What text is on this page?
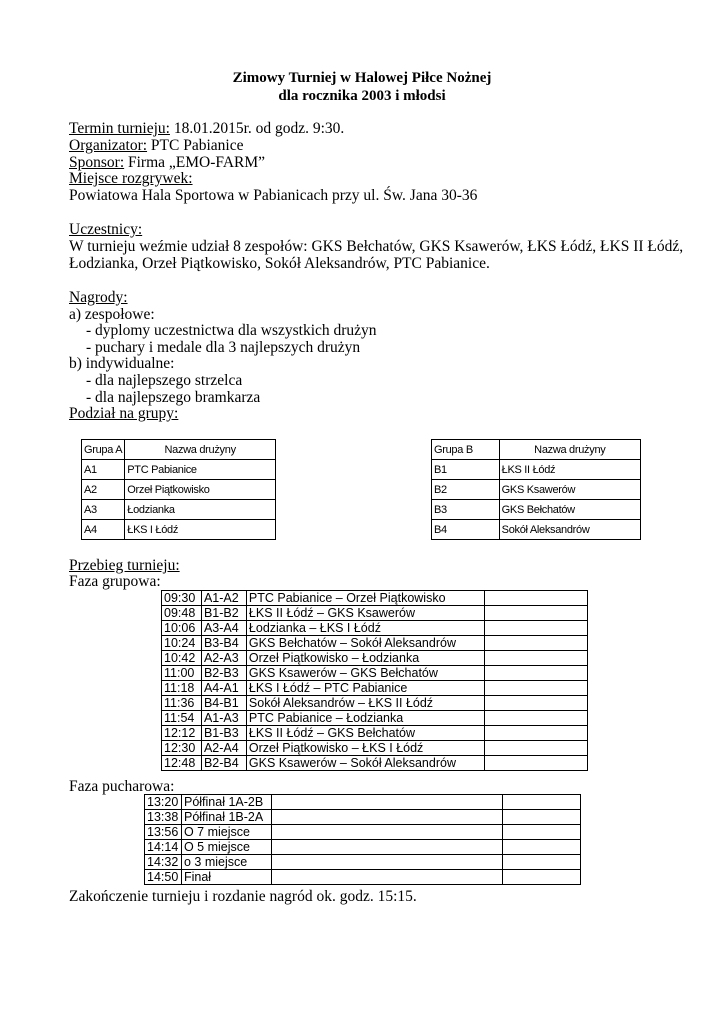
Zimowy Turniej w Halowej Piłce Nożnej
dla rocznika 2003 i młodsi
Termin turnieju: 18.01.2015r. od godz. 9:30.
Organizator: PTC Pabianice
Sponsor: Firma „EMO-FARM”
Miejsce rozgrywek:
Powiatowa Hala Sportowa w Pabianicach przy ul. Św. Jana 30-36
Uczestnicy:
W turnieju weźmie udział 8 zespołów: GKS Bełchatów, GKS Ksawerów, ŁKS Łódź, ŁKS II Łódź,
Łodzianka, Orzeł Piątkowisko, Sokół Aleksandrów, PTC Pabianice.
Nagrody:
a) zespołowe:
- dyplomy uczestnictwa dla wszystkich drużyn
- puchary i medale dla 3 najlepszych drużyn
b) indywidualne:
- dla najlepszego strzelca
- dla najlepszego bramkarza
Podział na grupy:
Grupa A	Nazwa drużyny
A1	PTC Pabianice
A2	Orzeł Piątkowisko
A3	Łodzianka
A4	ŁKS I Łódź
Grupa B	Nazwa drużyny
B1	ŁKS II Łódź
B2	GKS Ksawerów
B3	GKS Bełchatów
B4	Sokół Aleksandrów
Przebieg turnieju:
Faza grupowa:
09:30	A1-A2	PTC Pabianice – Orzeł Piątkowisko	
09:48	B1-B2	ŁKS II Łódź – GKS Ksawerów	
10:06	A3-A4	Łodzianka – ŁKS I Łódź	
10:24	B3-B4	GKS Bełchatów – Sokół Aleksandrów	
10:42	A2-A3	Orzeł Piątkowisko – Łodzianka	
11:00	B2-B3	GKS Ksawerów – GKS Bełchatów	
11:18	A4-A1	ŁKS I Łódź – PTC Pabianice	
11:36	B4-B1	Sokół Aleksandrów – ŁKS II Łódź	
11:54	A1-A3	PTC Pabianice – Łodzianka	
12:12	B1-B3	ŁKS II Łódź – GKS Bełchatów	
12:30	A2-A4	Orzeł Piątkowisko – ŁKS I Łódź	
12:48	B2-B4	GKS Ksawerów – Sokół Aleksandrów	
Faza pucharowa:
13:20	Półfinał 1A-2B		
13:38	Półfinał 1B-2A		
13:56	O 7 miejsce		
14:14	O 5 miejsce		
14:32	o 3 miejsce		
14:50	Finał		
Zakończenie turnieju i rozdanie nagród ok. godz. 15:15.
